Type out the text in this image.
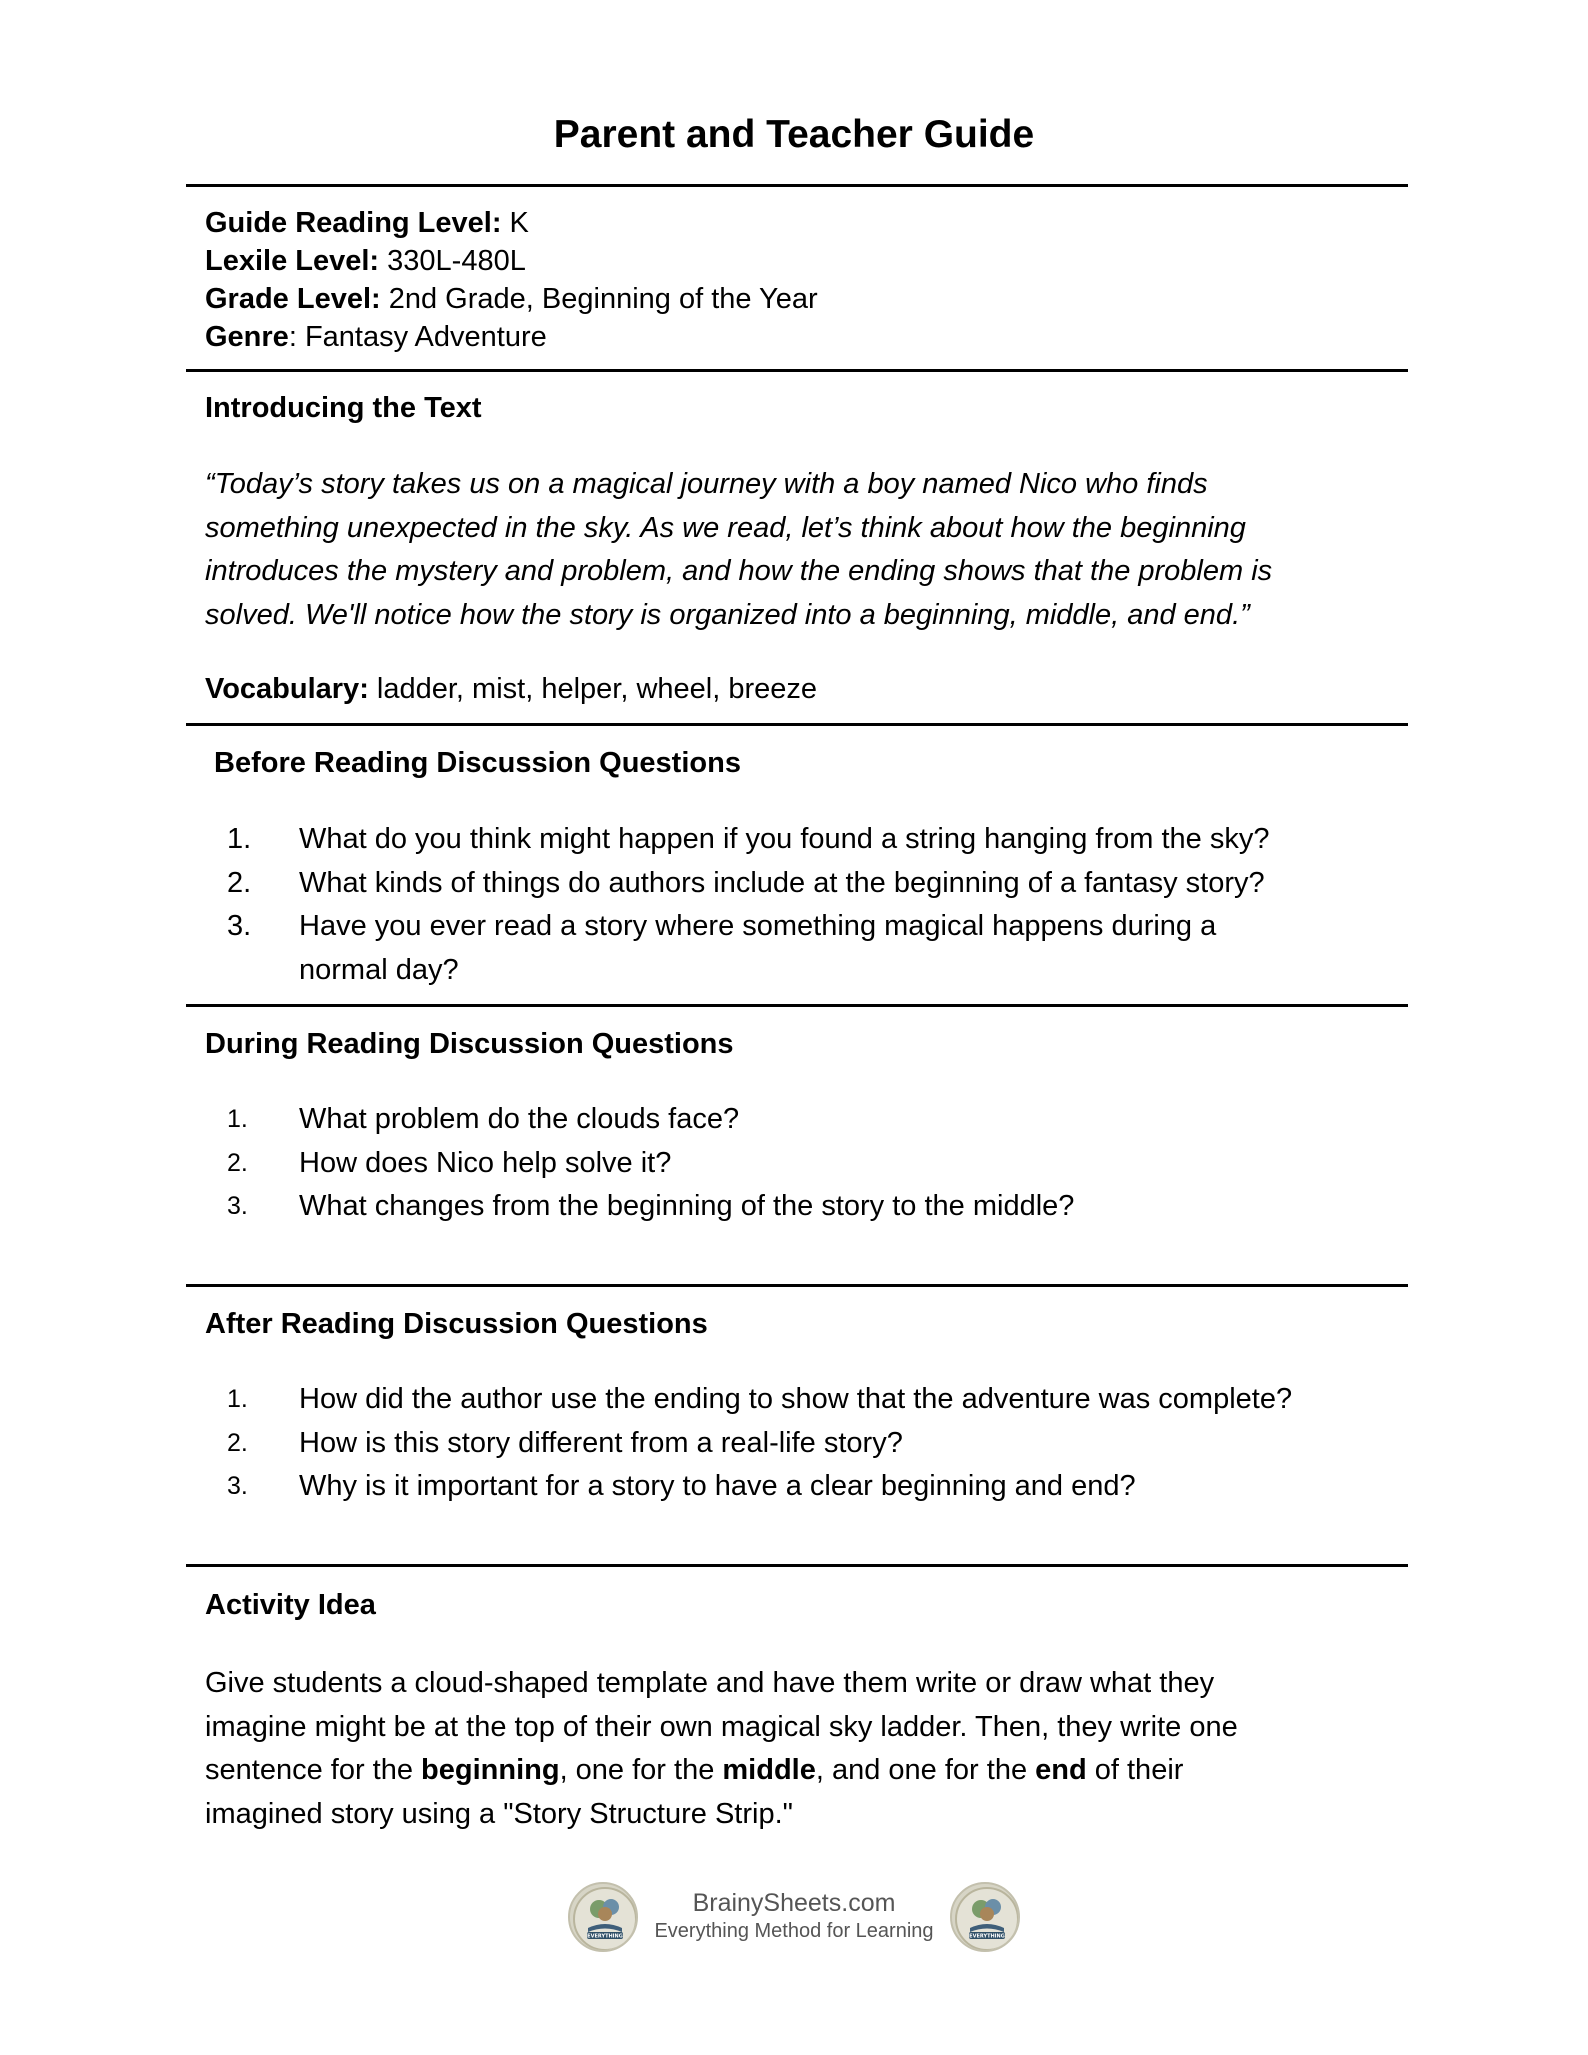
Parent and Teacher Guide
Guide Reading Level: K
Lexile Level: 330L-480L
Grade Level: 2nd Grade, Beginning of the Year
Genre: Fantasy Adventure
Introducing the Text
“Today’s story takes us on a magical journey with a boy named Nico who finds
something unexpected in the sky. As we read, let’s think about how the beginning
introduces the mystery and problem, and how the ending shows that the problem is
solved. We'll notice how the story is organized into a beginning, middle, and end.”
Vocabulary: ladder, mist, helper, wheel, breeze
Before Reading Discussion Questions
1. What do you think might happen if you found a string hanging from the sky?
2. What kinds of things do authors include at the beginning of a fantasy story?
3. Have you ever read a story where something magical happens during a
normal day?
During Reading Discussion Questions
1. What problem do the clouds face?
2. How does Nico help solve it?
3. What changes from the beginning of the story to the middle?
After Reading Discussion Questions
1. How did the author use the ending to show that the adventure was complete?
2. How is this story different from a real-life story?
3. Why is it important for a story to have a clear beginning and end?
Activity Idea
Give students a cloud-shaped template and have them write or draw what they
imagine might be at the top of their own magical sky ladder. Then, they write one
sentence for the beginning, one for the middle, and one for the end of their
imagined story using a "Story Structure Strip."
EVERYTHING
BrainySheets.com
Everything Method for Learning	EVERYTHING
